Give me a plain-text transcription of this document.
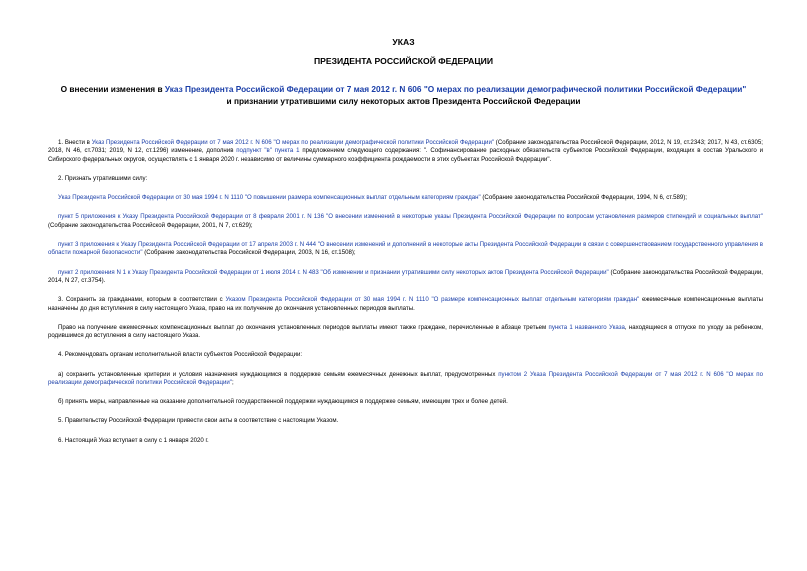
УКАЗ
ПРЕЗИДЕНТА РОССИЙСКОЙ ФЕДЕРАЦИИ
О внесении изменения в Указ Президента Российской Федерации от 7 мая 2012 г. N 606 "О мерах по реализации демографической политики Российской Федерации" и признании утратившими силу некоторых актов Президента Российской Федерации

1. Внести в Указ Президента Российской Федерации от 7 мая 2012 г. N 606 "О мерах по реализации демографической политики Российской Федерации" (Собрание законодательства Российской Федерации, 2012, N 19, ст.2343; 2017, N 43, ст.6305; 2018, N 46, ст.7031; 2019, N 12, ст.1296) изменение, дополнив подпункт "в" пункта 1 предложением следующего содержания: ". Софинансирование расходных обязательств субъектов Российской Федерации, входящих в состав Уральского и Сибирского федеральных округов, осуществлять с 1 января 2020 г. независимо от величины суммарного коэффициента рождаемости в этих субъектах Российской Федерации".

2. Признать утратившими силу:

Указ Президента Российской Федерации от 30 мая 1994 г. N 1110 "О повышении размера компенсационных выплат отдельным категориям граждан" (Собрание законодательства Российской Федерации, 1994, N 6, ст.589);

пункт 5 приложения к Указу Президента Российской Федерации от 8 февраля 2001 г. N 136 "О внесении изменений в некоторые указы Президента Российской Федерации по вопросам установления размеров стипендий и социальных выплат" (Собрание законодательства Российской Федерации, 2001, N 7, ст.629);

пункт 3 приложения к Указу Президента Российской Федерации от 17 апреля 2003 г. N 444 "О внесении изменений и дополнений в некоторые акты Президента Российской Федерации в связи с совершенствованием государственного управления в области пожарной безопасности" (Собрание законодательства Российской Федерации, 2003, N 16, ст.1508);

пункт 2 приложения N 1 к Указу Президента Российской Федерации от 1 июля 2014 г. N 483 "Об изменении и признании утратившими силу некоторых актов Президента Российской Федерации" (Собрание законодательства Российской Федерации, 2014, N 27, ст.3754).

3. Сохранить за гражданами, которым в соответствии с Указом Президента Российской Федерации от 30 мая 1994 г. N 1110 "О размере компенсационных выплат отдельным категориям граждан" ежемесячные компенсационные выплаты назначены до дня вступления в силу настоящего Указа, право на их получение до окончания установленных периодов выплаты.

Право на получение ежемесячных компенсационных выплат до окончания установленных периодов выплаты имеют также граждане, перечисленные в абзаце третьем пункта 1 названного Указа, находящиеся в отпуске по уходу за ребенком, родившимся до вступления в силу настоящего Указа.

4. Рекомендовать органам исполнительной власти субъектов Российской Федерации:

а) сохранить установленные критерии и условия назначения нуждающимся в поддержке семьям ежемесячных денежных выплат, предусмотренных пунктом 2 Указа Президента Российской Федерации от 7 мая 2012 г. N 606 "О мерах по реализации демографической политики Российской Федерации";

б) принять меры, направленные на оказание дополнительной государственной поддержки нуждающимся в поддержке семьям, имеющим трех и более детей.

5. Правительству Российской Федерации привести свои акты в соответствие с настоящим Указом.

6. Настоящий Указ вступает в силу с 1 января 2020 г.
